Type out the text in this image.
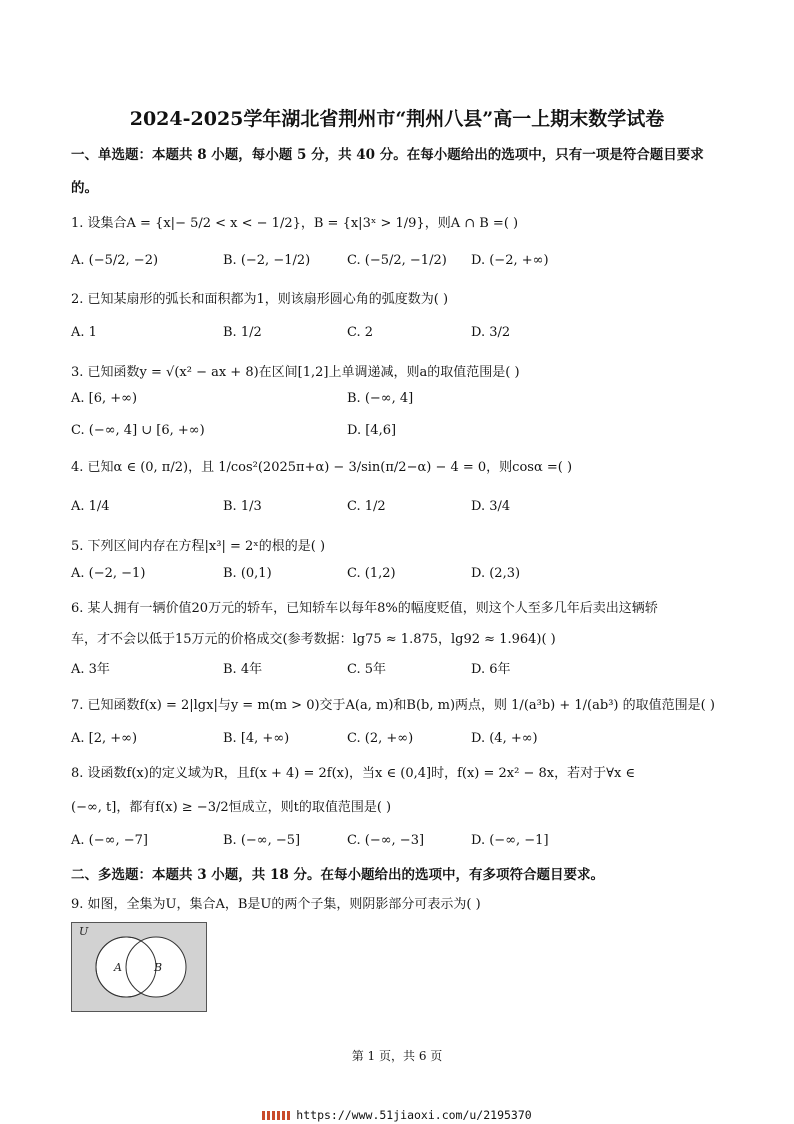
2024-2025学年湖北省荆州市“荆州八县”高一上期末数学试卷
一、单选题：本题共 8 小题，每小题 5 分，共 40 分。在每小题给出的选项中，只有一项是符合题目要求
的。
1. 设集合A = {x|− 5/2 < x < − 1/2}，B = {x|3ˣ > 1/9}，则A ∩ B =( )
A. (−5/2, −2)	B. (−2, −1/2)	C. (−5/2, −1/2) D. (−2, +∞)
2. 已知某扇形的弧长和面积都为1，则该扇形圆心角的弧度数为( )
A. 1	B. 1/2	C. 2	D. 3/2
3. 已知函数y = √(x² − ax + 8)在区间[1,2]上单调递减，则a的取值范围是( )
A. [6, +∞)	B. (−∞, 4]
C. (−∞, 4] ∪ [6, +∞)	D. [4,6]
4. 已知α ∈ (0, π/2)，且 1/cos²(2025π+α) − 3/sin(π/2−α) − 4 = 0，则cosα =( )
A. 1/4	B. 1/3	C. 1/2	D. 3/4
5. 下列区间内存在方程|x³| = 2ˣ的根的是( )
A. (−2, −1)	B. (0,1)	C. (1,2)	D. (2,3)
6. 某人拥有一辆价值20万元的轿车，已知轿车以每年8%的幅度贬值，则这个人至多几年后卖出这辆轿
车，才不会以低于15万元的价格成交(参考数据：lg75 ≈ 1.875，lg92 ≈ 1.964)( )
A. 3年	B. 4年	C. 5年	D. 6年
7. 已知函数f(x) = 2|lgx|与y = m(m > 0)交于A(a, m)和B(b, m)两点，则 1/(a³b) + 1/(ab³) 的取值范围是( )
A. [2, +∞)	B. [4, +∞)	C. (2, +∞)	D. (4, +∞)
8. 设函数f(x)的定义域为R，且f(x + 4) = 2f(x)，当x ∈ (0,4]时，f(x) = 2x² − 8x，若对于∀x ∈
(−∞, t]，都有f(x) ≥ −3/2恒成立，则t的取值范围是( )
A. (−∞, −7]	B. (−∞, −5]	C. (−∞, −3]	D. (−∞, −1]
二、多选题：本题共 3 小题，共 18 分。在每小题给出的选项中，有多项符合题目要求。
9. 如图，全集为U，集合A，B是U的两个子集，则阴影部分可表示为( )
U
A	B
第 1 页，共 6 页
https://www.51jiaoxi.com/u/2195370
